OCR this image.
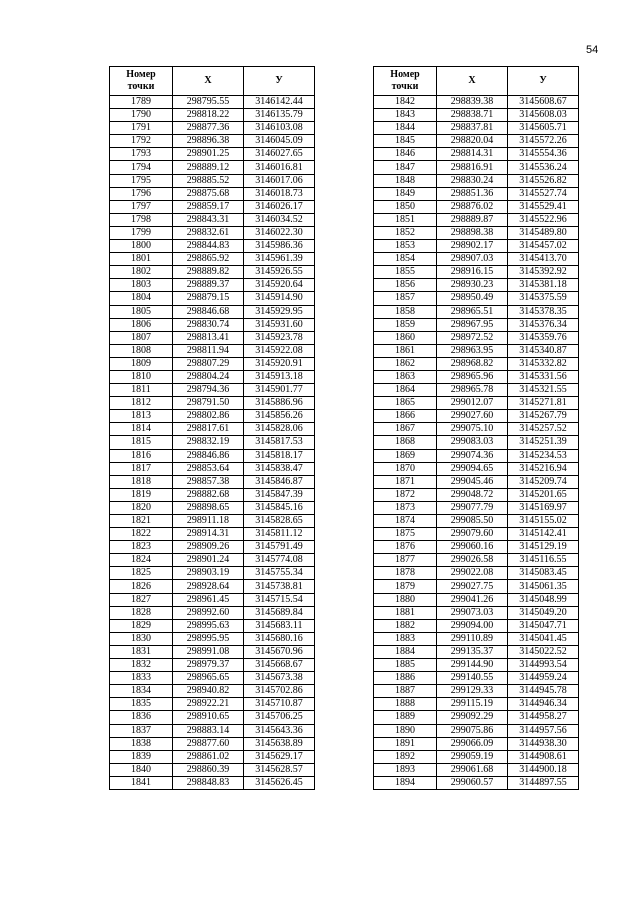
54
Номер
точки	X	У
1789	298795.55	3146142.44
1790	298818.22	3146135.79
1791	298877.36	3146103.08
1792	298896.38	3146045.09
1793	298901.25	3146027.65
1794	298889.12	3146016.81
1795	298885.52	3146017.06
1796	298875.68	3146018.73
1797	298859.17	3146026.17
1798	298843.31	3146034.52
1799	298832.61	3146022.30
1800	298844.83	3145986.36
1801	298865.92	3145961.39
1802	298889.82	3145926.55
1803	298889.37	3145920.64
1804	298879.15	3145914.90
1805	298846.68	3145929.95
1806	298830.74	3145931.60
1807	298813.41	3145923.78
1808	298811.94	3145922.08
1809	298807.29	3145920.91
1810	298804.24	3145913.18
1811	298794.36	3145901.77
1812	298791.50	3145886.96
1813	298802.86	3145856.26
1814	298817.61	3145828.06
1815	298832.19	3145817.53
1816	298846.86	3145818.17
1817	298853.64	3145838.47
1818	298857.38	3145846.87
1819	298882.68	3145847.39
1820	298898.65	3145845.16
1821	298911.18	3145828.65
1822	298914.31	3145811.12
1823	298909.26	3145791.49
1824	298901.24	3145774.08
1825	298903.19	3145755.34
1826	298928.64	3145738.81
1827	298961.45	3145715.54
1828	298992.60	3145689.84
1829	298995.63	3145683.11
1830	298995.95	3145680.16
1831	298991.08	3145670.96
1832	298979.37	3145668.67
1833	298965.65	3145673.38
1834	298940.82	3145702.86
1835	298922.21	3145710.87
1836	298910.65	3145706.25
1837	298883.14	3145643.36
1838	298877.60	3145638.89
1839	298861.02	3145629.17
1840	298860.39	3145628.57
1841	298848.83	3145626.45
Номер
точки	X	У
1842	298839.38	3145608.67
1843	298838.71	3145608.03
1844	298837.81	3145605.71
1845	298820.04	3145572.26
1846	298814.31	3145554.36
1847	298816.91	3145536.24
1848	298830.24	3145526.82
1849	298851.36	3145527.74
1850	298876.02	3145529.41
1851	298889.87	3145522.96
1852	298898.38	3145489.80
1853	298902.17	3145457.02
1854	298907.03	3145413.70
1855	298916.15	3145392.92
1856	298930.23	3145381.18
1857	298950.49	3145375.59
1858	298965.51	3145378.35
1859	298967.95	3145376.34
1860	298972.52	3145359.76
1861	298963.95	3145340.87
1862	298968.82	3145332.82
1863	298965.96	3145331.56
1864	298965.78	3145321.55
1865	299012.07	3145271.81
1866	299027.60	3145267.79
1867	299075.10	3145257.52
1868	299083.03	3145251.39
1869	299074.36	3145234.53
1870	299094.65	3145216.94
1871	299045.46	3145209.74
1872	299048.72	3145201.65
1873	299077.79	3145169.97
1874	299085.50	3145155.02
1875	299079.60	3145142.41
1876	299060.16	3145129.19
1877	299026.58	3145116.55
1878	299022.08	3145083.45
1879	299027.75	3145061.35
1880	299041.26	3145048.99
1881	299073.03	3145049.20
1882	299094.00	3145047.71
1883	299110.89	3145041.45
1884	299135.37	3145022.52
1885	299144.90	3144993.54
1886	299140.55	3144959.24
1887	299129.33	3144945.78
1888	299115.19	3144946.34
1889	299092.29	3144958.27
1890	299075.86	3144957.56
1891	299066.09	3144938.30
1892	299059.19	3144908.61
1893	299061.68	3144900.18
1894	299060.57	3144897.55
